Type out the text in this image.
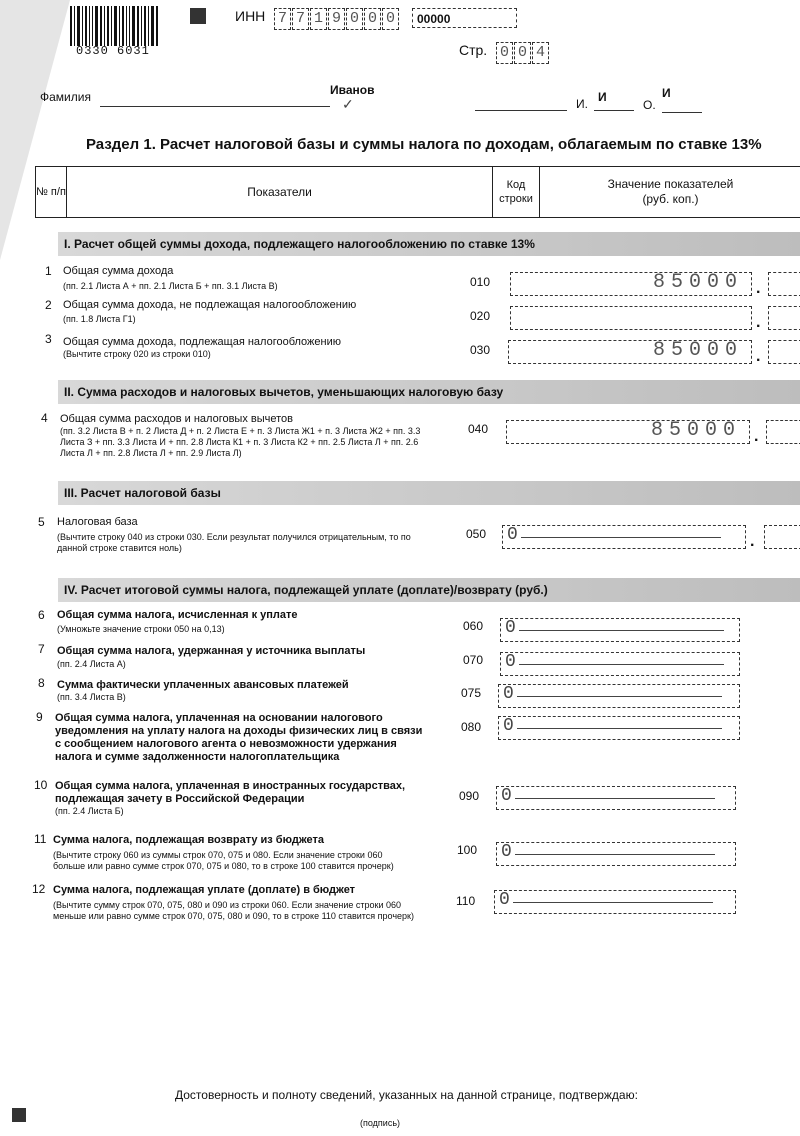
0330 6031
ИНН 7 7 1 9 0 0 0	00000
Стр. 0 0 4
Фамилия	Иванов
✓	И. И
О.
И
Раздел 1. Расчет налоговой базы и суммы налога по доходам, облагаемым по ставке 13%
№ п/п	Показатели	Код строки
Значение показателей (руб. коп.)
I. Расчет общей суммы дохода, подлежащего налогообложению по ставке 13%
II. Сумма расходов и налоговых вычетов, уменьшающих налоговую базу
III. Расчет налоговой базы
IV. Расчет итоговой суммы налога, подлежащей уплате (доплате)/возврату (руб.)
1 Общая сумма дохода
(пп. 2.1 Листа А + пп. 2.1 Листа Б + пп. 3.1 Листа В)	010	85000 .
2 Общая сумма дохода, не подлежащая налогообложению
(пп. 1.8 Листа Г1)	020	.
3 Общая сумма дохода, подлежащая налогообложению
(Вычтите строку 020 из строки 010)	030	85000 .
4 Общая сумма расходов и налоговых вычетов
(пп. 3.2 Листа В + п. 2 Листа Д + п. 2 Листа Е + п. 3 Листа Ж1 + п. 3 Листа Ж2 + пп. 3.3 Листа З + пп. 3.3 Листа И + пп. 2.8 Листа К1 + п. 3 Листа К2 + пп. 2.5 Листа Л + пп. 2.6 Листа Л + пп. 2.8 Листа Л + пп. 2.9 Листа Л)
040	85000 .
5 Налоговая база
(Вычтите строку 040 из строки 030. Если результат получился отрицательным, то по данной строке ставится ноль)
050 0	.
6 Общая сумма налога, исчисленная к уплате
(Умножьте значение строки 050 на 0,13)	060 0
7 Общая сумма налога, удержанная у источника выплаты
(пп. 2.4 Листа А)	070 0
8 Сумма фактически уплаченных авансовых платежей
(пп. 3.4 Листа В)	075 0
9 Общая сумма налога, уплаченная на основании налогового уведомления на уплату налога на доходы физических лиц в связи с сообщением налогового агента о невозможности удержания налога и сумме задолженности налогоплательщика
080 0
10 Общая сумма налога, уплаченная в иностранных государствах, подлежащая зачету в Российской Федерации
(пп. 2.4 Листа Б)
090 0
11 Сумма налога, подлежащая возврату из бюджета
(Вычтите строку 060 из суммы строк 070, 075 и 080. Если значение строки 060 больше или равно сумме строк 070, 075 и 080, то в строке 100 ставится прочерк)
100 0
12 Сумма налога, подлежащая уплате (доплате) в бюджет
(Вычтите сумму строк 070, 075, 080 и 090 из строки 060. Если значение строки 060 меньше или равно сумме строк 070, 075, 080 и 090, то в строке 110 ставится прочерк)
110 0
Достоверность и полноту сведений, указанных на данной странице, подтверждаю:
(подпись)
